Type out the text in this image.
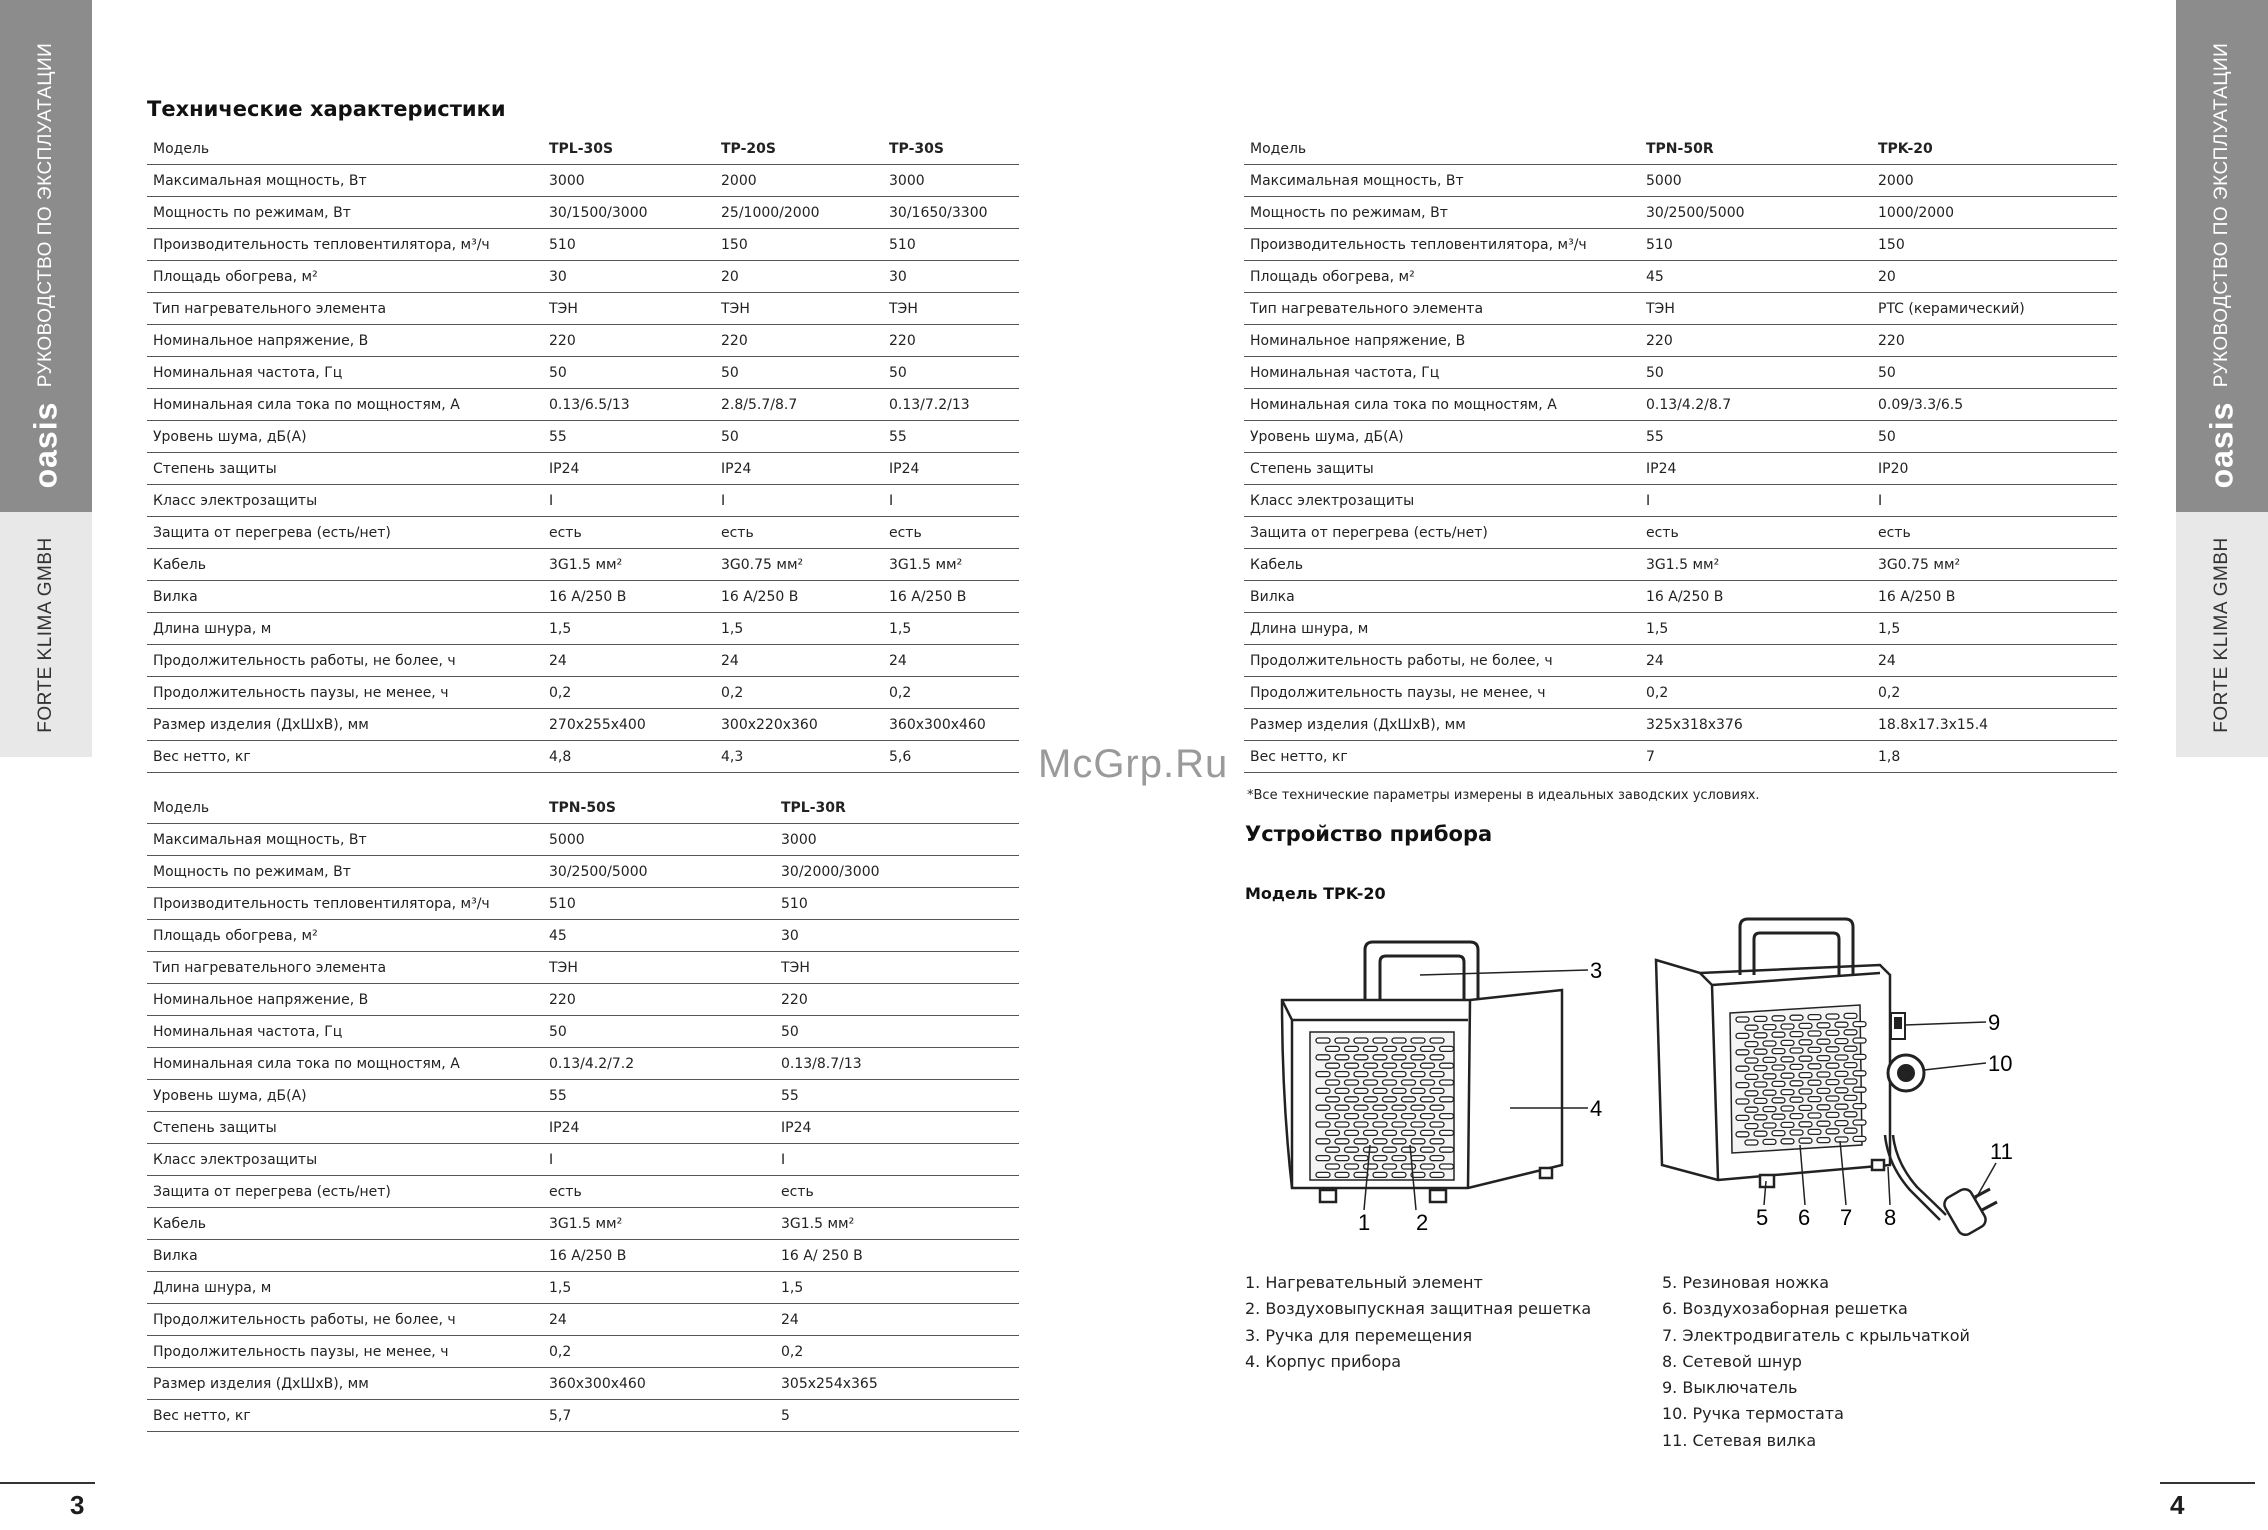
РУКОВОДСТВО ПО ЭКСПЛУАТАЦИИ
oasis
FORTE KLIMA GMBH
РУКОВОДСТВО ПО ЭКСПЛУАТАЦИИ
oasis
FORTE KLIMA GMBH
3	4
Технические характеристики
Модель	TPL-30S	TP-20S	TP-30S
Максимальная мощность, Вт	3000	2000	3000
Мощность по режимам, Вт	30/1500/3000	25/1000/2000	30/1650/3300
Производительность тепловентилятора, м³/ч	510	150	510
Площадь обогрева, м²	30	20	30
Тип нагревательного элемента	ТЭН	ТЭН	ТЭН
Номинальное напряжение, В	220	220	220
Номинальная частота, Гц	50	50	50
Номинальная сила тока по мощностям, А	0.13/6.5/13	2.8/5.7/8.7	0.13/7.2/13
Уровень шума, дБ(А)	55	50	55
Степень защиты	IP24	IP24	IP24
Класс электрозащиты	I	I	I
Защита от перегрева (есть/нет)	есть	есть	есть
Кабель	3G1.5 мм²	3G0.75 мм²	3G1.5 мм²
Вилка	16 А/250 В	16 А/250 В	16 А/250 В
Длина шнура, м	1,5	1,5	1,5
Продолжительность работы, не более, ч	24	24	24
Продолжительность паузы, не менее, ч	0,2	0,2	0,2
Размер изделия (ДхШхВ), мм	270x255x400	300x220x360	360x300x460
Вес нетто, кг	4,8	4,3	5,6
Модель	TPN-50S	TPL-30R
Максимальная мощность, Вт	5000	3000
Мощность по режимам, Вт	30/2500/5000	30/2000/3000
Производительность тепловентилятора, м³/ч	510	510
Площадь обогрева, м²	45	30
Тип нагревательного элемента	ТЭН	ТЭН
Номинальное напряжение, В	220	220
Номинальная частота, Гц	50	50
Номинальная сила тока по мощностям, А	0.13/4.2/7.2	0.13/8.7/13
Уровень шума, дБ(А)	55	55
Степень защиты	IP24	IP24
Класс электрозащиты	I	I
Защита от перегрева (есть/нет)	есть	есть
Кабель	3G1.5 мм²	3G1.5 мм²
Вилка	16 А/250 В	16 А/ 250 В
Длина шнура, м	1,5	1,5
Продолжительность работы, не более, ч	24	24
Продолжительность паузы, не менее, ч	0,2	0,2
Размер изделия (ДхШхВ), мм	360x300x460	305x254x365
Вес нетто, кг	5,7	5
Модель	TPN-50R	TPK-20
Максимальная мощность, Вт	5000	2000
Мощность по режимам, Вт	30/2500/5000	1000/2000
Производительность тепловентилятора, м³/ч	510	150
Площадь обогрева, м²	45	20
Тип нагревательного элемента	ТЭН	PTC (керамический)
Номинальное напряжение, В	220	220
Номинальная частота, Гц	50	50
Номинальная сила тока по мощностям, А	0.13/4.2/8.7	0.09/3.3/6.5
Уровень шума, дБ(А)	55	50
Степень защиты	IP24	IP20
Класс электрозащиты	I	I
Защита от перегрева (есть/нет)	есть	есть
Кабель	3G1.5 мм²	3G0.75 мм²
Вилка	16 А/250 В	16 А/250 В
Длина шнура, м	1,5	1,5
Продолжительность работы, не более, ч	24	24
Продолжительность паузы, не менее, ч	0,2	0,2
Размер изделия (ДхШхВ), мм	325x318x376	18.8x17.3x15.4
Вес нетто, кг	7	1,8
*Все технические параметры измерены в идеальных заводских условиях.
McGrp.Ru
Устройство прибора
Модель TPK-20
3
4
1 2
9
10
11
5 6 7 8
1. Нагревательный элемент
2. Воздуховыпускная защитная решетка
3. Ручка для перемещения
4. Корпус прибора
5. Резиновая ножка
6. Воздухозаборная решетка
7. Электродвигатель с крыльчаткой
8. Сетевой шнур
9. Выключатель
10. Ручка термостата
11. Сетевая вилка
